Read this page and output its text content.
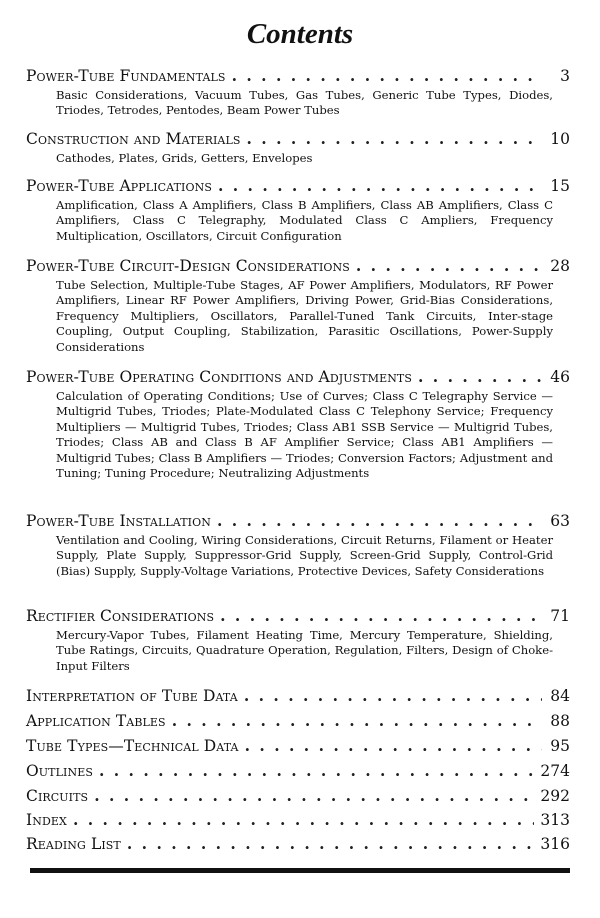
Contents
Power-Tube Fundamentals . . .	3
Basic Considerations, Vacuum Tubes, Gas Tubes, Generic Tube Types, Diodes, Triodes, Tetrodes, Pentodes, Beam Power Tubes
Construction and Materials . . .	10
Cathodes, Plates, Grids, Getters, Envelopes
Power-Tube Applications . . .	15
Amplification, Class A Amplifiers, Class B Amplifiers, Class AB Amplifiers, Class C Amplifiers, Class C Telegraphy, Modulated Class C Ampliers, Frequency Multiplication, Oscillators, Circuit Configuration
Power-Tube Circuit-Design Considerations . . .	28
Tube Selection, Multiple-Tube Stages, AF Power Amplifiers, Modulators, RF Power Amplifiers, Linear RF Power Amplifiers, Driving Power, Grid-Bias Considerations, Frequency Multipliers, Oscillators, Parallel-Tuned Tank Circuits, Inter-stage Coupling, Output Coupling, Stabilization, Parasitic Oscillations, Power-Supply Considerations
Power-Tube Operating Conditions and Adjustments . . .	46
Calculation of Operating Conditions; Use of Curves; Class C Telegraphy Service — Multigrid Tubes, Triodes; Plate-Modulated Class C Telephony Service; Frequency Multipliers — Multigrid Tubes, Triodes; Class AB1 SSB Service — Multigrid Tubes, Triodes; Class AB and Class B AF Amplifier Service; Class AB1 Amplifiers — Multigrid Tubes; Class B Amplifiers — Triodes; Conversion Factors; Adjustment and Tuning; Tuning Procedure; Neutralizing Adjustments
Power-Tube Installation . . .	63
Ventilation and Cooling, Wiring Considerations, Circuit Returns, Filament or Heater Supply, Plate Supply, Suppressor-Grid Supply, Screen-Grid Supply, Control-Grid (Bias) Supply, Supply-Voltage Variations, Protective Devices, Safety Considerations
Rectifier Considerations . . .	71
Mercury-Vapor Tubes, Filament Heating Time, Mercury Temperature, Shielding, Tube Ratings, Circuits, Quadrature Operation, Regulation, Filters, Design of Choke-Input Filters
Interpretation of Tube Data . . .	84
Application Tables . . .	88
Tube Types—Technical Data . . .	95
Outlines . . .	274
Circuits . . .	292
Index . . .	313
Reading List . . .	316
